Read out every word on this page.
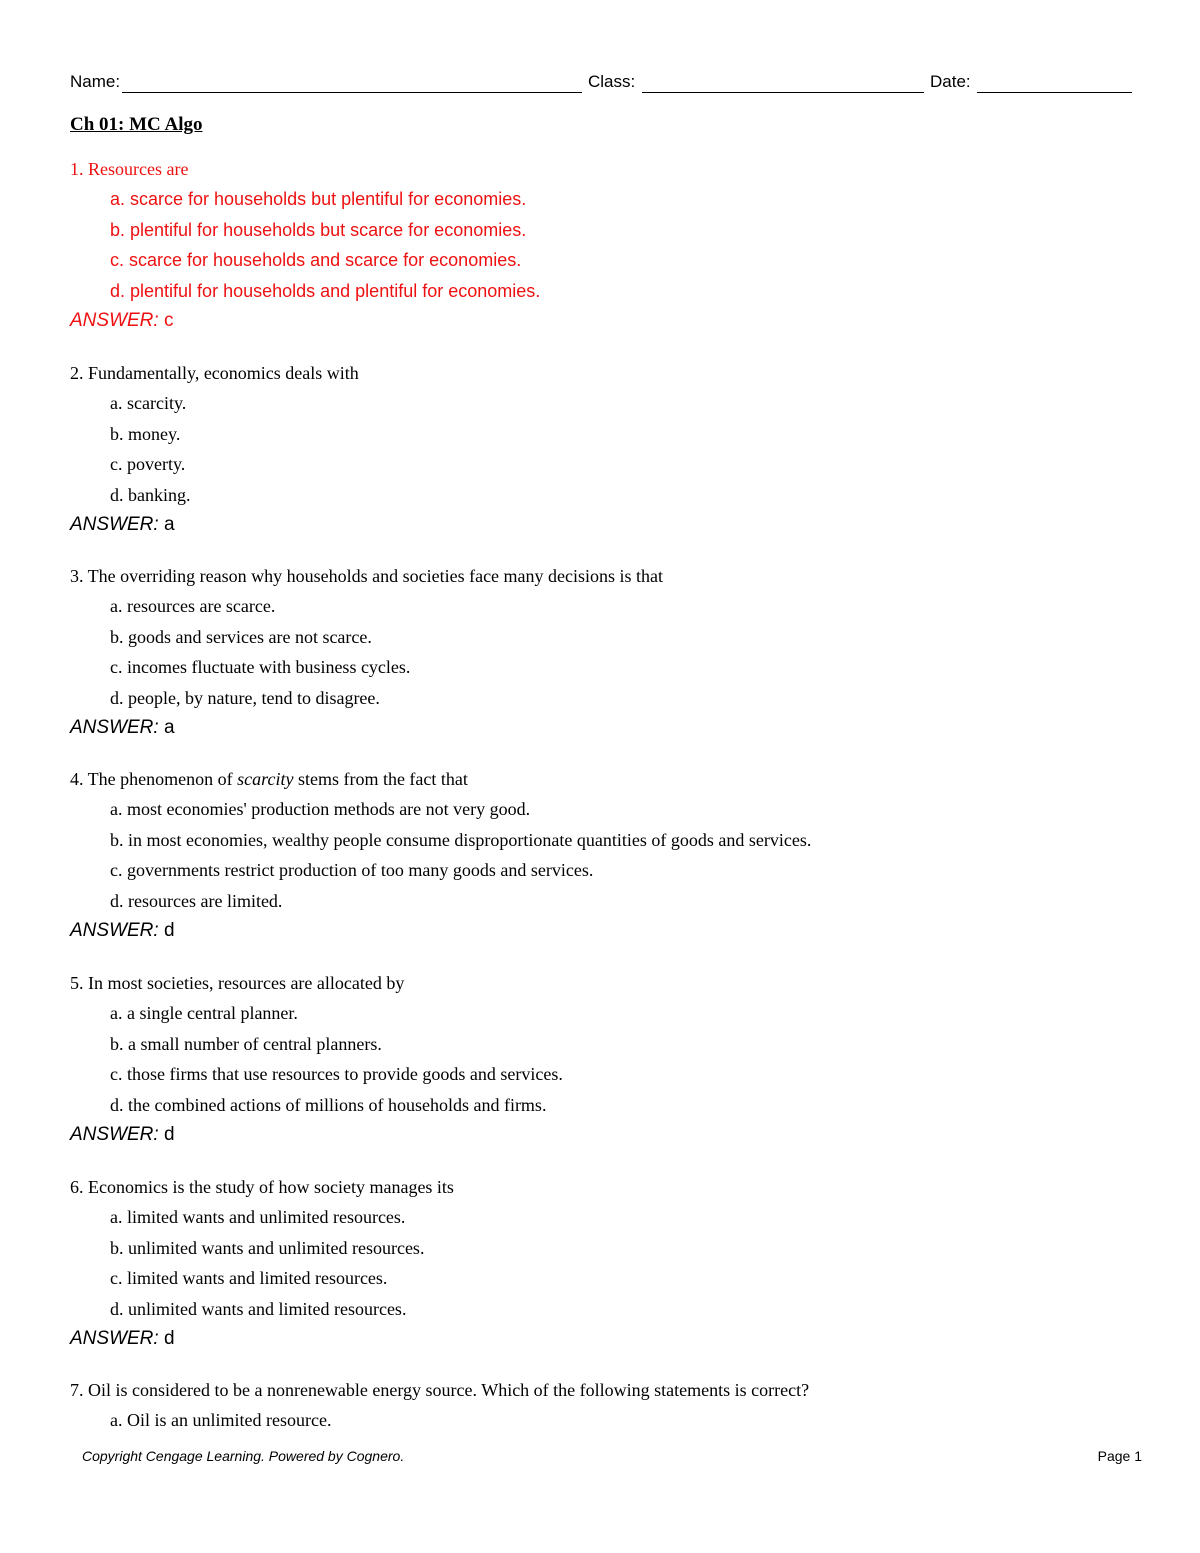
Name:	Class:	Date:
Ch 01: MC Algo

1. Resources are

a. scarce for households but plentiful for economies.

b. plentiful for households but scarce for economies.

c. scarce for households and scarce for economies.

d. plentiful for households and plentiful for economies.

ANSWER: c

2. Fundamentally, economics deals with

a. scarcity.

b. money.

c. poverty.

d. banking.

ANSWER: a

3. The overriding reason why households and societies face many decisions is that

a. resources are scarce.

b. goods and services are not scarce.

c. incomes fluctuate with business cycles.

d. people, by nature, tend to disagree.

ANSWER: a

4. The phenomenon of scarcity stems from the fact that

a. most economies' production methods are not very good.

b. in most economies, wealthy people consume disproportionate quantities of goods and services.

c. governments restrict production of too many goods and services.

d. resources are limited.

ANSWER: d

5. In most societies, resources are allocated by

a. a single central planner.

b. a small number of central planners.

c. those firms that use resources to provide goods and services.

d. the combined actions of millions of households and firms.

ANSWER: d

6. Economics is the study of how society manages its

a. limited wants and unlimited resources.

b. unlimited wants and unlimited resources.

c. limited wants and limited resources.

d. unlimited wants and limited resources.

ANSWER: d

7. Oil is considered to be a nonrenewable energy source. Which of the following statements is correct?

a. Oil is an unlimited resource.

Copyright Cengage Learning. Powered by Cognero.	Page 1
